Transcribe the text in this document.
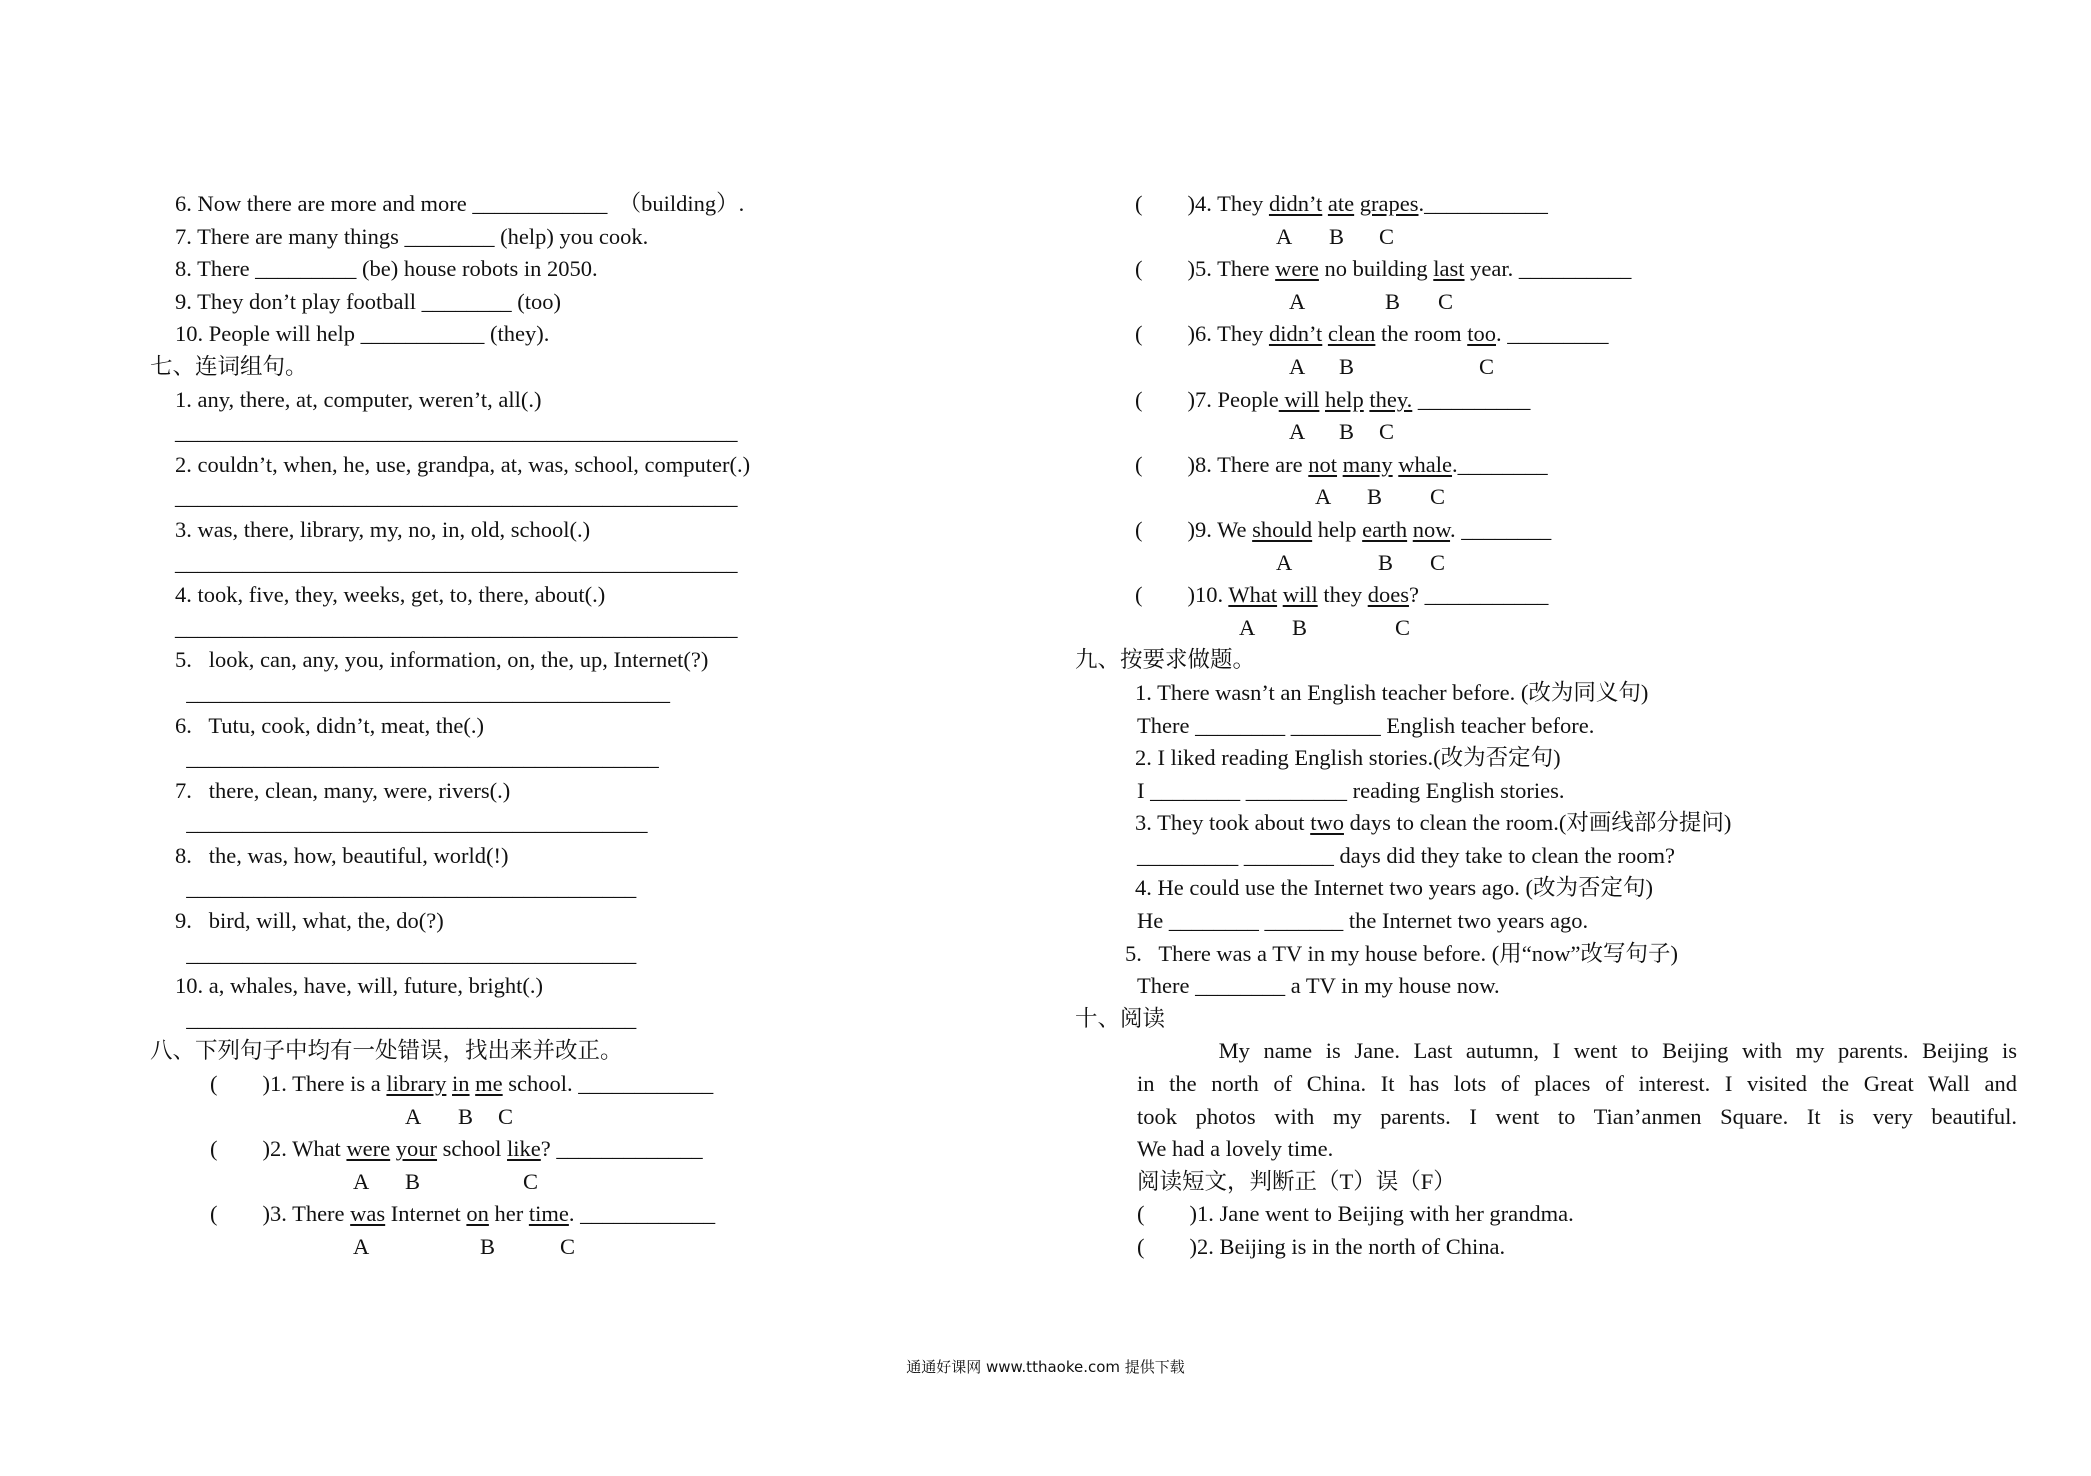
6. Now there are more and more ____________  （building）.
7. There are many things ________ (help) you cook.
8. There _________ (be) house robots in 2050.
9. They don’t play football ________ (too)
10. People will help ___________ (they).
七、连词组句。
1. any, there, at, computer, weren’t, all(.)
__________________________________________________
2. couldn’t, when, he, use, grandpa, at, was, school, computer(.)
__________________________________________________
3. was, there, library, my, no, in, old, school(.)
__________________________________________________
4. took, five, they, weeks, get, to, there, about(.)
__________________________________________________
5.   look, can, any, you, information, on, the, up, Internet(?)
___________________________________________
6.   Tutu, cook, didn’t, meat, the(.)
__________________________________________
7.   there, clean, many, were, rivers(.)
_________________________________________
8.   the, was, how, beautiful, world(!)
________________________________________
9.   bird, will, what, the, do(?)
________________________________________
10. a, whales, have, will, future, bright(.)
________________________________________
八、下列句子中均有一处错误，找出来并改正。
(        )1. There is a library in me school. ____________
A B C
(        )2. What were your school like? _____________
A B	C
(        )3. There was Internet on her time. ____________
A	B	C
(        )4. They didn’t ate grapes.___________
A B C
(        )5. There were no building last year. __________
A	B C
(        )6. They didn’t clean the room too. _________
A B	C
(        )7. People will help they. __________
A B C
(        )8. There are not many whale.________
A B C
(        )9. We should help earth now. ________
A	B C
(        )10. What will they does? ___________
A B	C
九、按要求做题。
1. There wasn’t an English teacher before. (改为同义句)
There ________ ________ English teacher before.
2. I liked reading English stories.(改为否定句)
I ________ _________ reading English stories.
3. They took about two days to clean the room.(对画线部分提问)
_________ ________ days did they take to clean the room?
4. He could use the Internet two years ago. (改为否定句)
He ________ _______ the Internet two years ago.
5.   There was a TV in my house before. (用“now”改写句子)
There ________ a TV in my house now.
十、阅读
My name is Jane. Last autumn, I went to Beijing with my parents. Beijing is
in the north of China. It has lots of places of interest. I visited the Great Wall and
took photos with my parents. I went to Tian’anmen Square. It is very beautiful.
We had a lovely time.
阅读短文，判断正（T）误（F）
(        )1. Jane went to Beijing with her grandma.
(        )2. Beijing is in the north of China.
通通好课网 www.tthaoke.com 提供下载
